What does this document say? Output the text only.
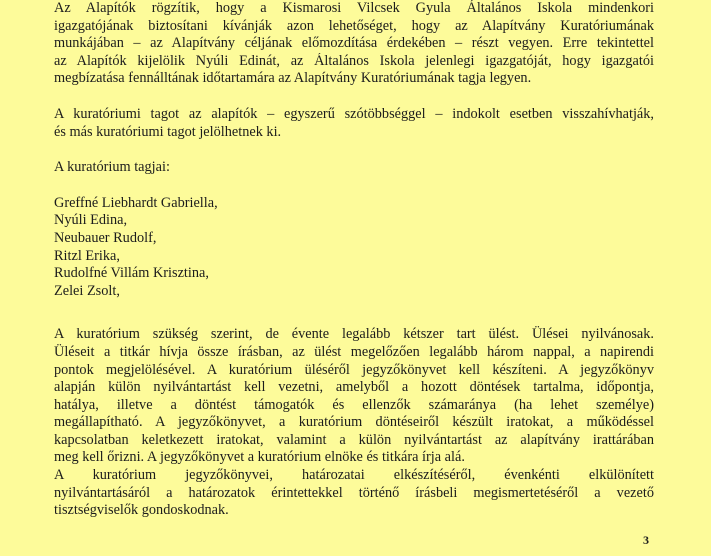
Az Alapítók rögzítik, hogy a Kismarosi Vilcsek Gyula Általános Iskola mindenkori
igazgatójának biztosítani kívánják azon lehetőséget, hogy az Alapítvány Kuratóriumának
munkájában – az Alapítvány céljának előmozdítása érdekében – részt vegyen. Erre tekintettel
az Alapítók kijelölik Nyúli Edinát, az Általános Iskola jelenlegi igazgatóját, hogy igazgatói
megbízatása fennálltának időtartamára az Alapítvány Kuratóriumának tagja legyen.

A kuratóriumi tagot az alapítók – egyszerű szótöbbséggel – indokolt esetben visszahívhatják,
és más kuratóriumi tagot jelölhetnek ki.

A kuratórium tagjai:

Greffné Liebhardt Gabriella,
Nyúli Edina,
Neubauer Rudolf,
Ritzl Erika,
Rudolfné Villám Krisztina,
Zelei Zsolt,

A kuratórium szükség szerint, de évente legalább kétszer tart ülést. Ülései nyilvánosak.
Üléseit a titkár hívja össze írásban, az ülést megelőzően legalább három nappal, a napirendi
pontok megjelölésével. A kuratórium üléséről jegyzőkönyvet kell készíteni. A jegyzőkönyv
alapján külön nyilvántartást kell vezetni, amelyből a hozott döntések tartalma, időpontja,
hatálya, illetve a döntést támogatók és ellenzők számaránya (ha lehet személye)
megállapítható. A jegyzőkönyvet, a kuratórium döntéseiről készült iratokat, a működéssel
kapcsolatban keletkezett iratokat, valamint a külön nyilvántartást az alapítvány irattárában
meg kell őrizni. A jegyzőkönyvet a kuratórium elnöke és titkára írja alá.

A kuratórium jegyzőkönyvei, határozatai elkészítéséről, évenkénti elkülönített
nyilvántartásáról a határozatok érintettekkel történő írásbeli megismertetéséről a vezető
tisztségviselők gondoskodnak.

3
